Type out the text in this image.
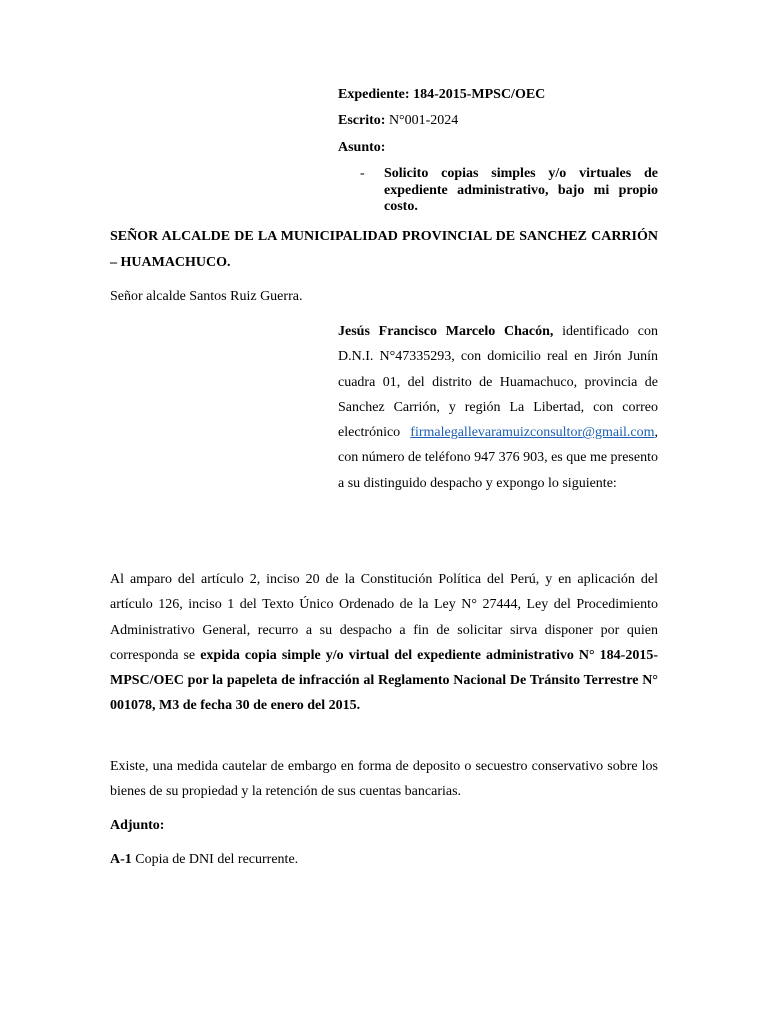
Expediente: 184-2015-MPSC/OEC
Escrito: N°001-2024
Asunto:
- Solicito copias simples y/o virtuales de expediente administrativo, bajo mi propio costo.

SEÑOR ALCALDE DE LA MUNICIPALIDAD PROVINCIAL DE SANCHEZ CARRIÓN – HUAMACHUCO.

Señor alcalde Santos Ruiz Guerra.

Jesús Francisco Marcelo Chacón, identificado con D.N.I. N°47335293, con domicilio real en Jirón Junín cuadra 01, del distrito de Huamachuco, provincia de Sanchez Carrión, y región La Libertad, con correo electrónico firmalegallevaramuizconsultor@gmail.com, con número de teléfono 947 376 903, es que me presento a su distinguido despacho y expongo lo siguiente:

Al amparo del artículo 2, inciso 20 de la Constitución Política del Perú, y en aplicación del artículo 126, inciso 1 del Texto Único Ordenado de la Ley N° 27444, Ley del Procedimiento Administrativo General, recurro a su despacho a fin de solicitar sirva disponer por quien corresponda se expida copia simple y/o virtual del expediente administrativo N° 184-2015-MPSC/OEC por la papeleta de infracción al Reglamento Nacional De Tránsito Terrestre N° 001078, M3 de fecha 30 de enero del 2015.

Existe, una medida cautelar de embargo en forma de deposito o secuestro conservativo sobre los bienes de su propiedad y la retención de sus cuentas bancarias.

Adjunto:

A-1 Copia de DNI del recurrente.
